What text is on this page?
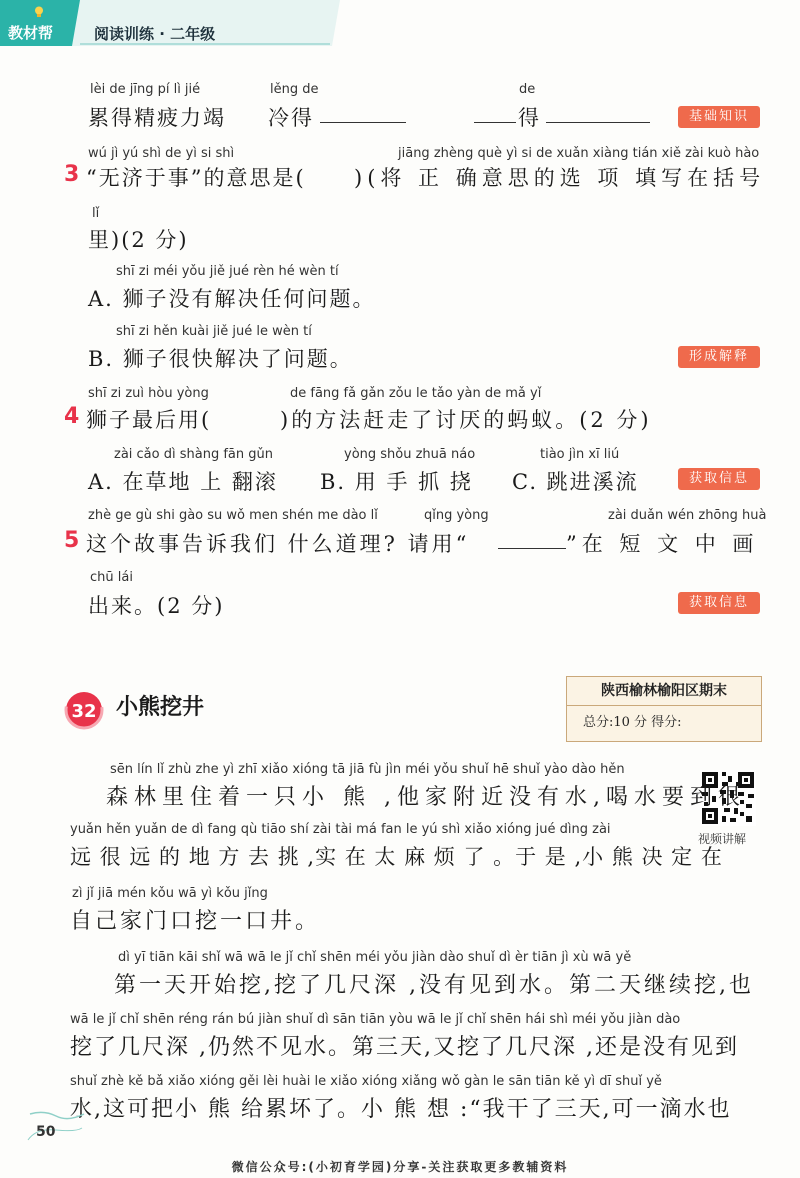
教材帮	阅读训练 · 二年级
lèi de jīng pí lì jié	lěng de	de
累得精疲力竭 冷得	得	基础知识
wú jì yú shì de yì si shì	jiāng zhèng què yì si de xuǎn xiàng tián xiě zài kuò hào
3 “无济于事”的意思是( )(将 正 确意思的选 项 填写在括号
lǐ
里)(2 分)
shī zi méi yǒu jiě jué rèn hé wèn tí
A. 狮子没有解决任何问题。
shī zi hěn kuài jiě jué le wèn tí
B. 狮子很快解决了问题。	形成解释
shī zi zuì hòu yòng	de fāng fǎ gǎn zǒu le tǎo yàn de mǎ yǐ
4 狮子最后用(	)的方法赶走了讨厌的蚂蚁。(2 分)
zài cǎo dì shàng fān gǔn	yòng shǒu zhuā náo	tiào jìn xī liú
A. 在草地 上 翻滚 B. 用 手 抓 挠 C. 跳进溪流	获取信息
zhè ge gù shi gào su wǒ men shén me dào lǐ	qǐng yòng	zài duǎn wén zhōng huà
5 这个故事告诉我们 什么道理? 请用“	”在 短 文 中 画
chū lái
出来。(2 分)	获取信息
32 小熊挖井
陕西榆林榆阳区期末
总分:10 分 得分:
视频讲解
sēn lín lǐ zhù zhe yì zhī xiǎo xióng tā jiā fù jìn méi yǒu shuǐ hē shuǐ yào dào hěn
森林里住着一只小 熊 ,他家附近没有水,喝水要到很
yuǎn hěn yuǎn de dì fang qù tiāo shí zài tài má fan le yú shì xiǎo xióng jué dìng zài
远 很 远 的 地 方 去 挑 ,实 在 太 麻 烦 了 。于 是 ,小 熊 决 定 在
zì jǐ jiā mén kǒu wā yì kǒu jǐng
自己家门口挖一口井。
dì yī tiān kāi shǐ wā wā le jǐ chǐ shēn méi yǒu jiàn dào shuǐ dì èr tiān jì xù wā yě
第一天开始挖,挖了几尺深 ,没有见到水。第二天继续挖,也
wā le jǐ chǐ shēn réng rán bú jiàn shuǐ dì sān tiān yòu wā le jǐ chǐ shēn hái shì méi yǒu jiàn dào
挖了几尺深 ,仍然不见水。第三天,又挖了几尺深 ,还是没有见到
shuǐ zhè kě bǎ xiǎo xióng gěi lèi huài le xiǎo xióng xiǎng wǒ gàn le sān tiān kě yì dī shuǐ yě
水,这可把小 熊 给累坏了。小 熊 想 :“我干了三天,可一滴水也
50
微信公众号:(小初育学园)分享-关注获取更多教辅资料
